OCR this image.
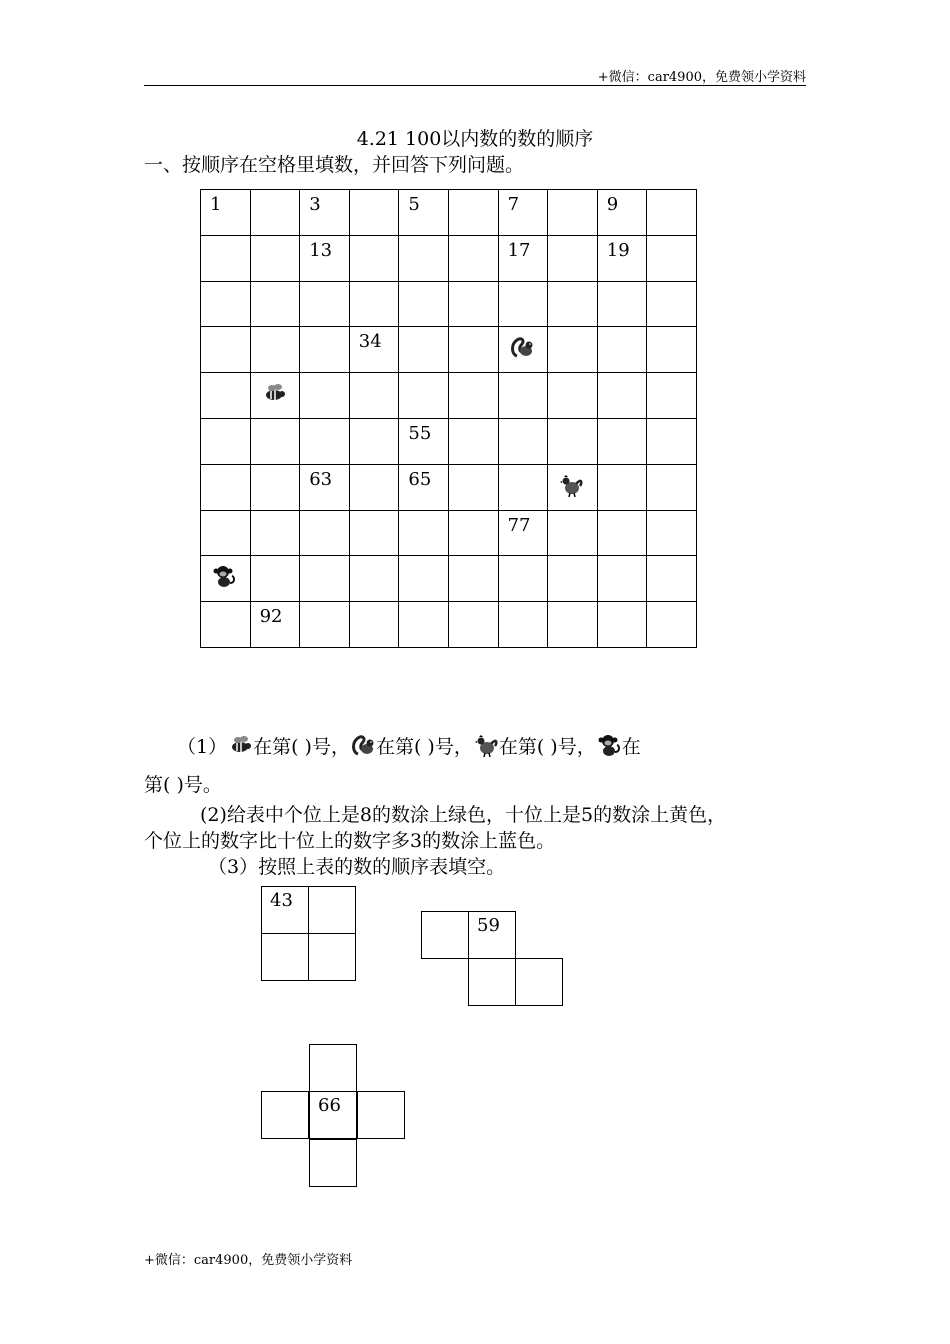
+微信：car4900，免费领小学资料
4.21 100以内数的数的顺序
一、按顺序在空格里填数，并回答下列问题。
1		3		5		7		9	

		13				17		19	

			34

				55					

		63		65

						77			

	92								

（1） 在第( )号， 在第( )号， 在第( )号， 在
第( )号。
(2)给表中个位上是8的数涂上绿色，十位上是5的数涂上黄色，
个位上的数字比十位上的数字多3的数涂上蓝色。
（3）按照上表的数的顺序表填空。
43
59
66
+微信：car4900，免费领小学资料
